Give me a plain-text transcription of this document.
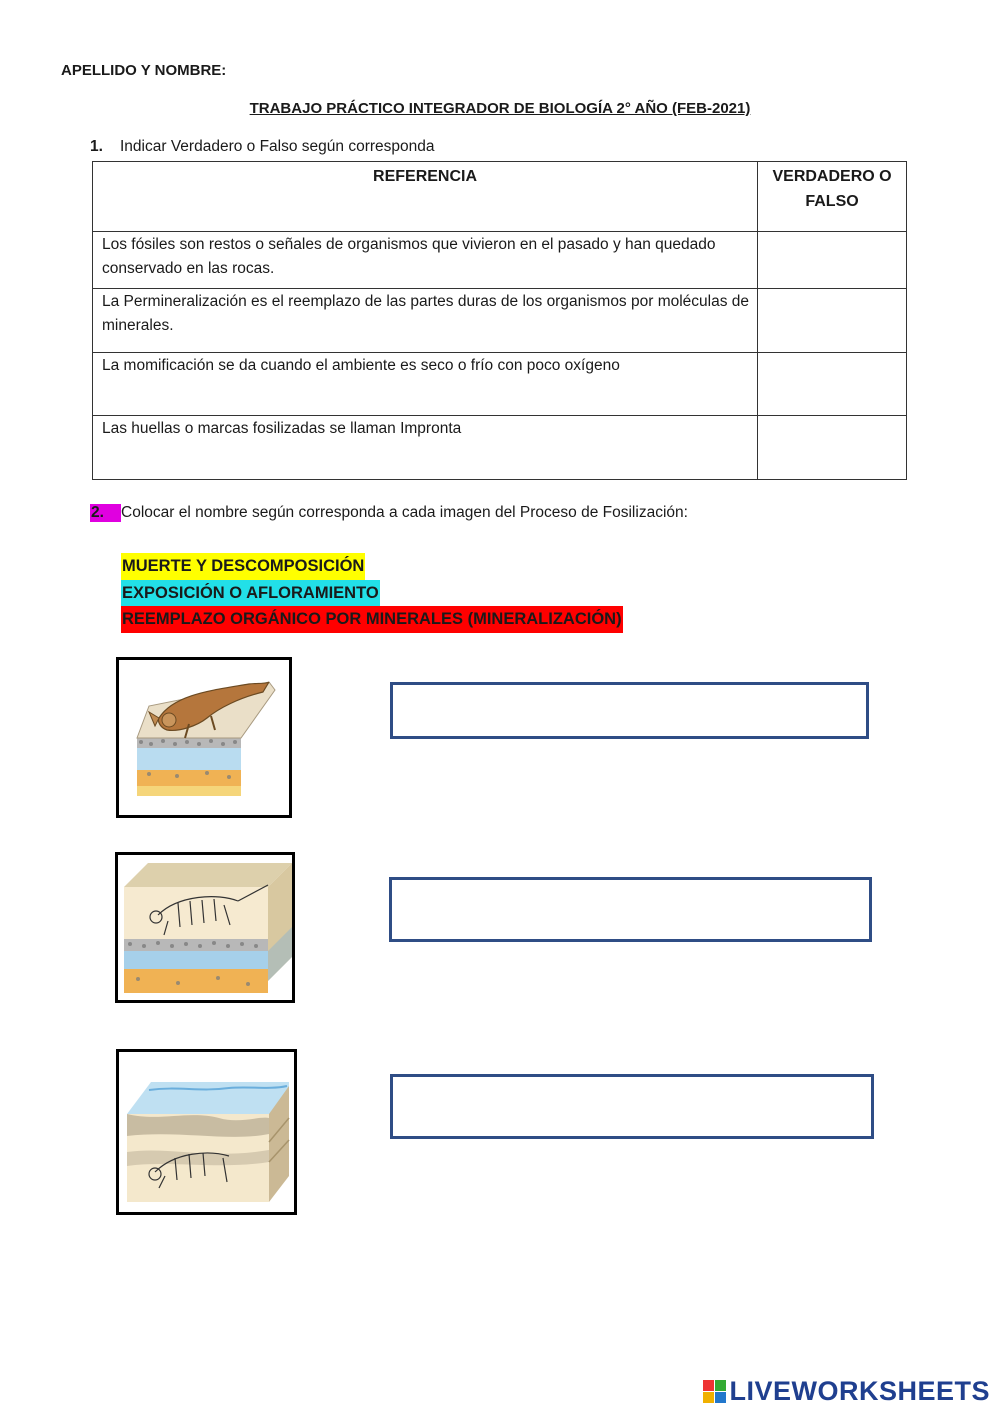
APELLIDO Y NOMBRE:
TRABAJO PRÁCTICO INTEGRADOR DE BIOLOGÍA 2° AÑO (FEB-2021)
1. Indicar Verdadero o Falso según corresponda
REFERENCIA	VERDADERO O
FALSO
Los fósiles son restos o señales de organismos que vivieron en el pasado y han quedado conservado en las rocas.	
La Permineralización es el reemplazo de las partes duras de los organismos por moléculas de minerales.	
La momificación se da cuando el ambiente es seco o frío con poco oxígeno	
Las huellas o marcas fosilizadas se llaman Impronta	
2. Colocar el nombre según corresponda a cada imagen del Proceso de Fosilización:
MUERTE Y DESCOMPOSICIÓN
EXPOSICIÓN O AFLORAMIENTO
REEMPLAZO ORGÁNICO POR MINERALES (MINERALIZACIÓN)
LIVEWORKSHEETS
